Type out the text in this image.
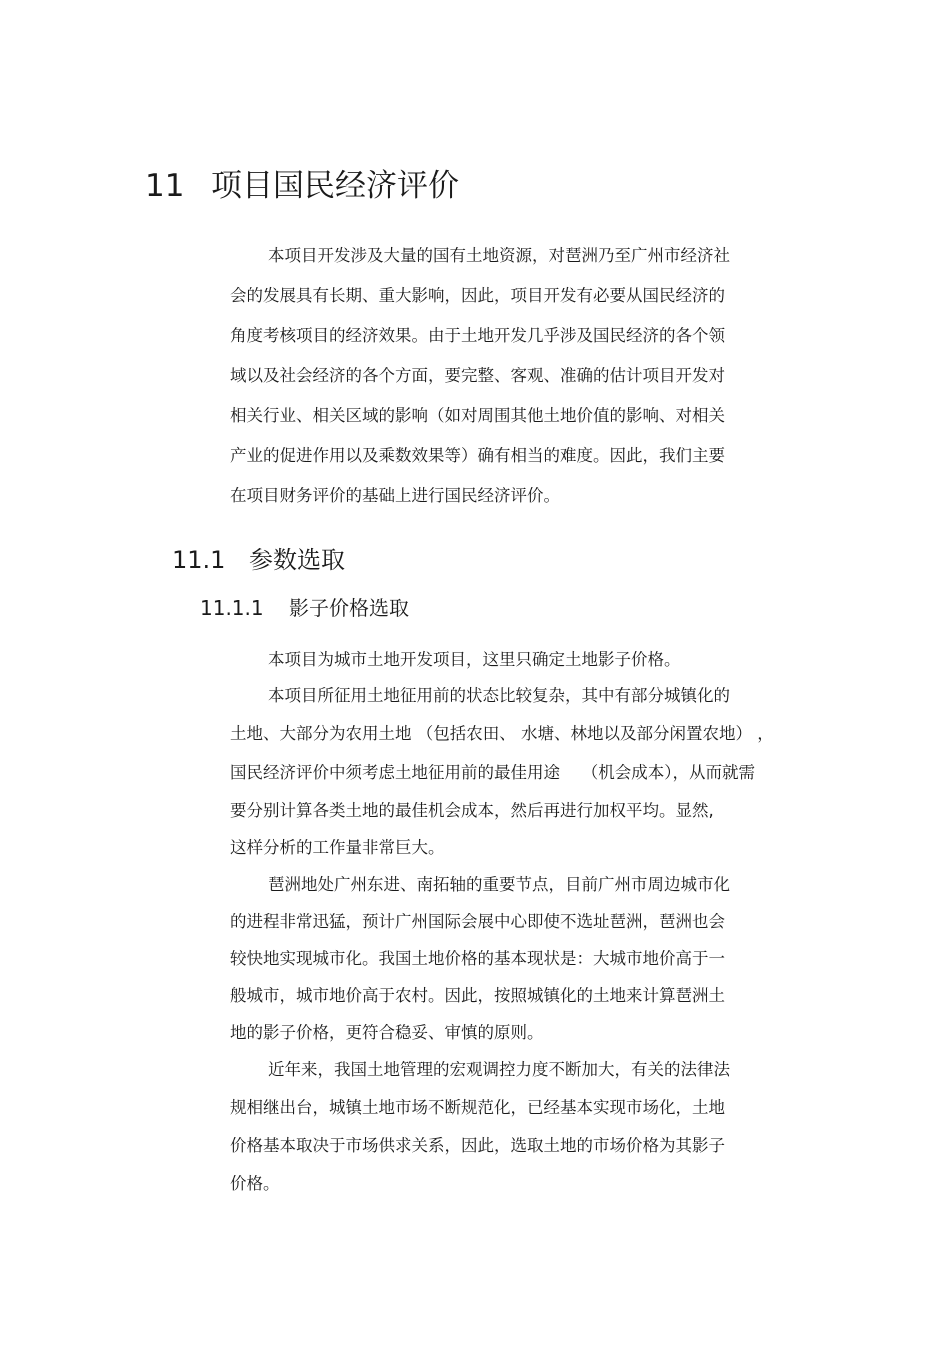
11 项目国民经济评价
本项目开发涉及大量的国有土地资源，对琶洲乃至广州市经济社
会的发展具有长期、重大影响，因此，项目开发有必要从国民经济的
角度考核项目的经济效果。由于土地开发几乎涉及国民经济的各个领
域以及社会经济的各个方面，要完整、客观、准确的估计项目开发对
相关行业、相关区域的影响（如对周围其他土地价值的影响、对相关
产业的促进作用以及乘数效果等）确有相当的难度。因此，我们主要
在项目财务评价的基础上进行国民经济评价。
11.1 参数选取
11.1.1 影子价格选取
本项目为城市土地开发项目，这里只确定土地影子价格。
本项目所征用土地征用前的状态比较复杂，其中有部分城镇化的
土地、大部分为农用土地 （包括农田、 水塘、林地以及部分闲置农地） ，
国民经济评价中须考虑土地征用前的最佳用途　 （机会成本），从而就需
要分别计算各类土地的最佳机会成本，然后再进行加权平均。显然,
这样分析的工作量非常巨大。
琶洲地处广州东进、南拓轴的重要节点，目前广州市周边城市化
的进程非常迅猛，预计广州国际会展中心即使不选址琶洲，琶洲也会
较快地实现城市化。我国土地价格的基本现状是：大城市地价高于一
般城市，城市地价高于农村。因此，按照城镇化的土地来计算琶洲土
地的影子价格，更符合稳妥、审慎的原则。
近年来，我国土地管理的宏观调控力度不断加大，有关的法律法
规相继出台，城镇土地市场不断规范化，已经基本实现市场化，土地
价格基本取决于市场供求关系，因此，选取土地的市场价格为其影子
价格。
